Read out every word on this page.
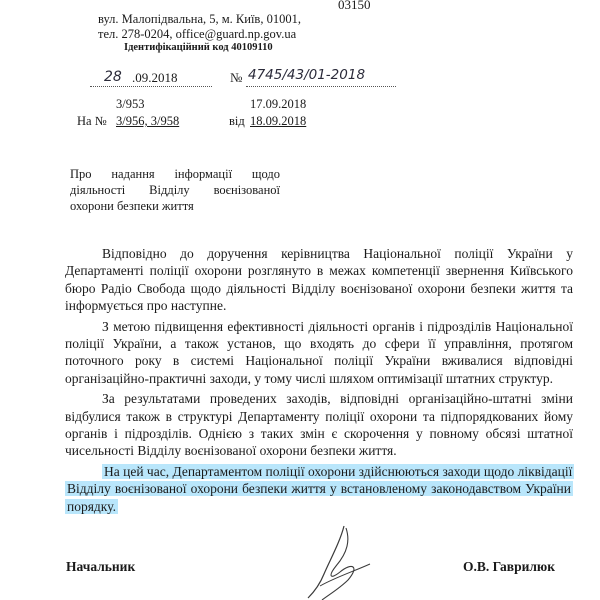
03150
вул. Малопідвальна, 5, м. Київ, 01001,
тел. 278-0204, office@guard.np.gov.ua
Ідентифікаційний код 40109110
28 .09.2018	№ 4745/43/01-2018
3/953	17.09.2018
На № 3/956, 3/958	від 18.09.2018
Про надання інформації щодо
діяльності Відділу воєнізованої
охорони безпеки життя

Відповідно до доручення керівництва Національної поліції України у Департаменті поліції охорони розглянуто в межах компетенції звернення Київського бюро Радіо Свобода щодо діяльності Відділу воєнізованої охорони безпеки життя та інформується про наступне.

З метою підвищення ефективності діяльності органів і підрозділів Національної поліції України, а також установ, що входять до сфери її управління, протягом поточного року в системі Національної поліції України вживалися відповідні організаційно-практичні заходи, у тому числі шляхом оптимізації штатних структур.

За результатами проведених заходів, відповідні організаційно-штатні зміни відбулися також в структурі Департаменту поліції охорони та підпорядкованих йому органів і підрозділів. Однією з таких змін є скорочення у повному обсязі штатної чисельності Відділу воєнізованої охорони безпеки життя.

На цей час, Департаментом поліції охорони здійснюються заходи щодо ліквідації Відділу воєнізованої охорони безпеки життя у встановленому законодавством України порядку.

Начальник	О.В. Гаврилюк
